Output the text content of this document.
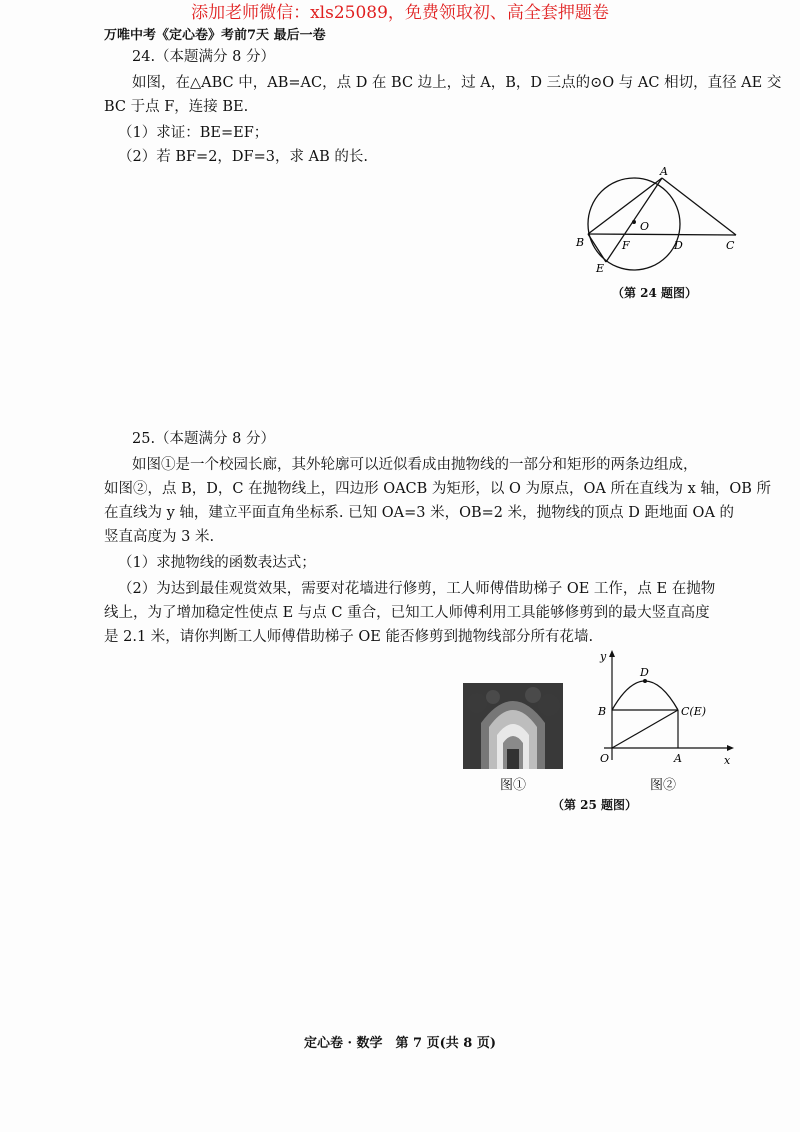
添加老师微信：xls25089，免费领取初、高全套押题卷
万唯中考《定心卷》考前7天 最后一卷
24.（本题满分 8 分）
如图，在△ABC 中，AB=AC，点 D 在 BC 边上，过 A，B，D 三点的⊙O 与 AC 相切，直径 AE 交
BC 于点 F，连接 BE.
（1）求证：BE=EF；
（2）若 BF=2，DF=3，求 AB 的长.
A
O
B	F	D	C
E
（第 24 题图）
25.（本题满分 8 分）
如图①是一个校园长廊，其外轮廓可以近似看成由抛物线的一部分和矩形的两条边组成，
如图②，点 B，D，C 在抛物线上，四边形 OACB 为矩形，以 O 为原点，OA 所在直线为 x 轴，OB 所
在直线为 y 轴，建立平面直角坐标系. 已知 OA=3 米，OB=2 米，抛物线的顶点 D 距地面 OA 的
竖直高度为 3 米.
（1）求抛物线的函数表达式；
（2）为达到最佳观赏效果，需要对花墙进行修剪，工人师傅借助梯子 OE 工作，点 E 在抛物
线上，为了增加稳定性使点 E 与点 C 重合，已知工人师傅利用工具能够修剪到的最大竖直高度
是 2.1 米，请你判断工人师傅借助梯子 OE 能否修剪到抛物线部分所有花墙.
图①
y
x
D
B	C(E)
O	A
图②
（第 25 题图）
定心卷 · 数学　第 7 页(共 8 页)
